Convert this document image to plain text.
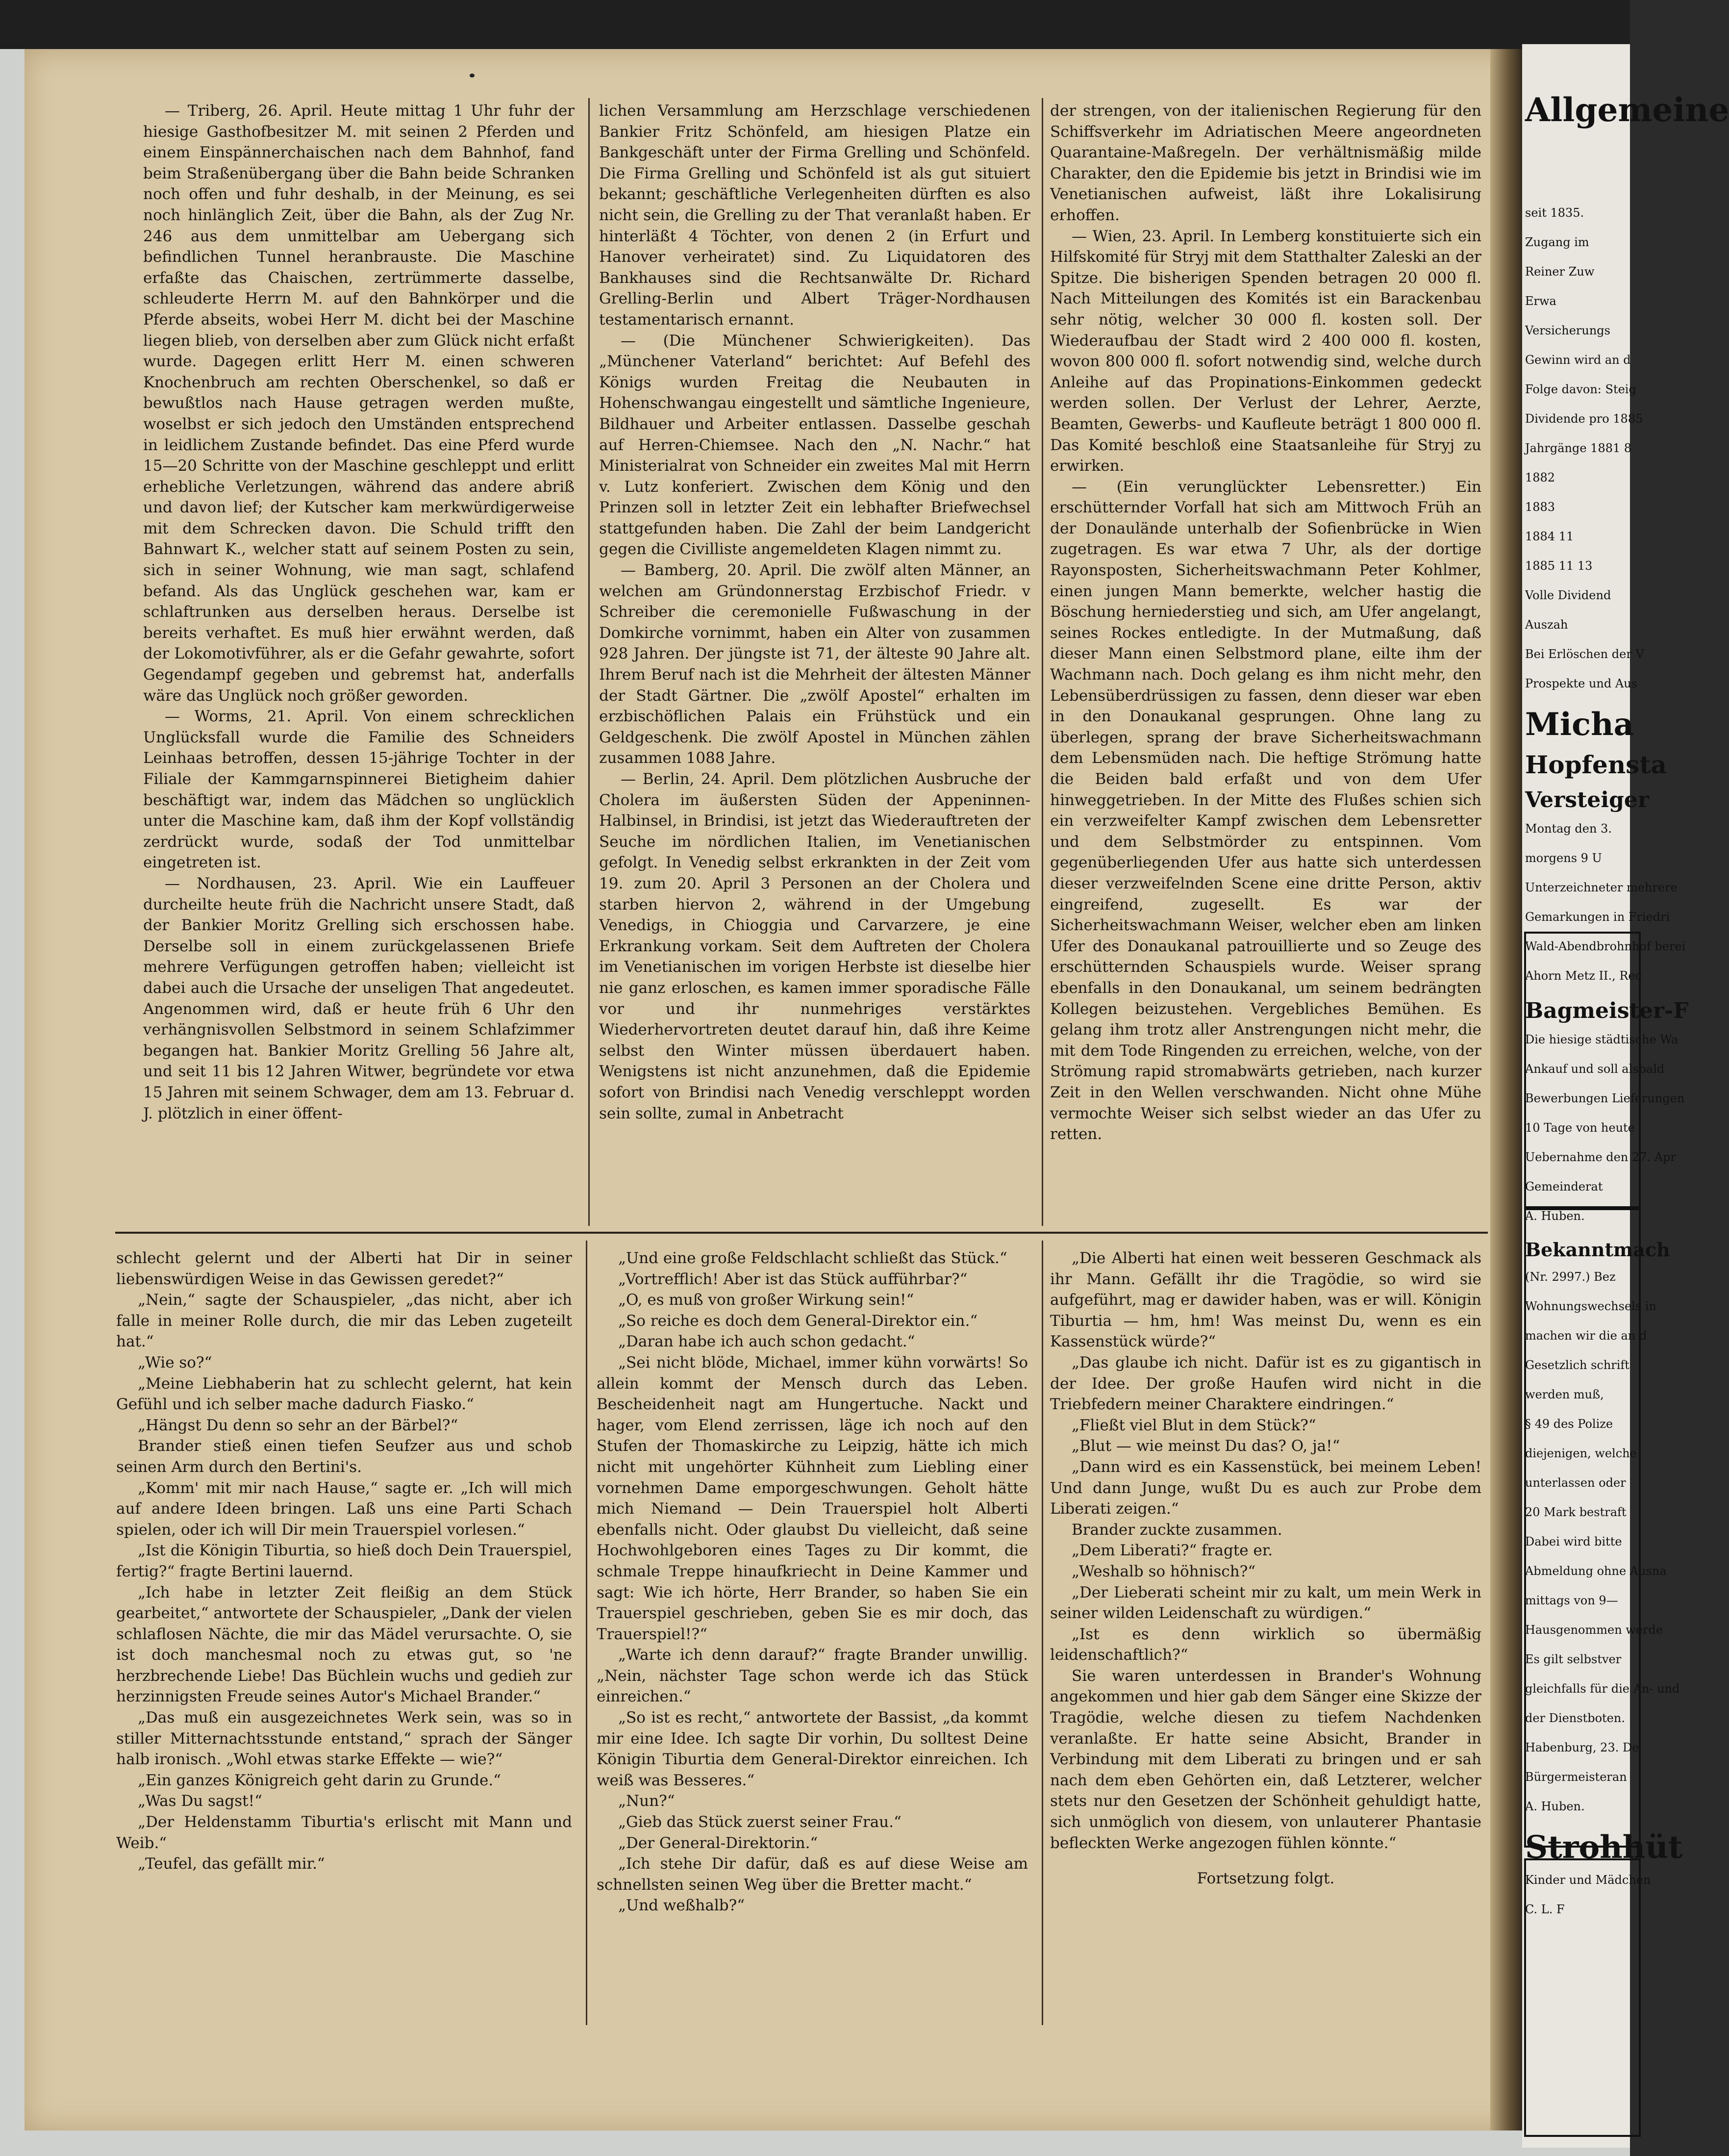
— Triberg, 26. April. Heute mittag 1 Uhr fuhr der hiesige Gasthofbesitzer M. mit seinen 2 Pferden und einem Einspännerchaischen nach dem Bahnhof, fand beim Straßenübergang über die Bahn beide Schranken noch offen und fuhr deshalb, in der Meinung, es sei noch hinlänglich Zeit, über die Bahn, als der Zug Nr. 246 aus dem unmittelbar am Uebergang sich befindlichen Tunnel heranbrauste. Die Maschine erfaßte das Chaischen, zertrümmerte dasselbe, schleuderte Herrn M. auf den Bahnkörper und die Pferde abseits, wobei Herr M. dicht bei der Maschine liegen blieb, von derselben aber zum Glück nicht erfaßt wurde. Dagegen erlitt Herr M. einen schweren Knochenbruch am rechten Oberschenkel, so daß er bewußtlos nach Hause getragen werden mußte, woselbst er sich jedoch den Umständen entsprechend in leidlichem Zustande befindet. Das eine Pferd wurde 15—20 Schritte von der Maschine geschleppt und erlitt erhebliche Verletzungen, während das andere abriß und davon lief; der Kutscher kam merkwürdigerweise mit dem Schrecken davon. Die Schuld trifft den Bahnwart K., welcher statt auf seinem Posten zu sein, sich in seiner Wohnung, wie man sagt, schlafend befand. Als das Unglück geschehen war, kam er schlaftrunken aus derselben heraus. Derselbe ist bereits verhaftet. Es muß hier erwähnt werden, daß der Lokomotivführer, als er die Gefahr gewahrte, sofort Gegendampf gegeben und gebremst hat, anderfalls wäre das Unglück noch größer geworden.

— Worms, 21. April. Von einem schrecklichen Unglücksfall wurde die Familie des Schneiders Leinhaas betroffen, dessen 15-jährige Tochter in der Filiale der Kammgarnspinnerei Bietigheim dahier beschäftigt war, indem das Mädchen so unglücklich unter die Maschine kam, daß ihm der Kopf vollständig zerdrückt wurde, sodaß der Tod unmittelbar eingetreten ist.

— Nordhausen, 23. April. Wie ein Lauffeuer durcheilte heute früh die Nachricht unsere Stadt, daß der Bankier Moritz Grelling sich erschossen habe. Derselbe soll in einem zurückgelassenen Briefe mehrere Verfügungen getroffen haben; vielleicht ist dabei auch die Ursache der unseligen That angedeutet. Angenommen wird, daß er heute früh 6 Uhr den verhängnisvollen Selbstmord in seinem Schlafzimmer begangen hat. Bankier Moritz Grelling 56 Jahre alt, und seit 11 bis 12 Jahren Witwer, begründete vor etwa 15 Jahren mit seinem Schwager, dem am 13. Februar d. J. plötzlich in einer öffent-

lichen Versammlung am Herzschlage verschiedenen Bankier Fritz Schönfeld, am hiesigen Platze ein Bankgeschäft unter der Firma Grelling und Schönfeld. Die Firma Grelling und Schönfeld ist als gut situiert bekannt; geschäftliche Verlegenheiten dürften es also nicht sein, die Grelling zu der That veranlaßt haben. Er hinterläßt 4 Töchter, von denen 2 (in Erfurt und Hanover verheiratet) sind. Zu Liquidatoren des Bankhauses sind die Rechtsanwälte Dr. Richard Grelling-Berlin und Albert Träger-Nordhausen testamentarisch ernannt.

— (Die Münchener Schwierigkeiten). Das „Münchener Vaterland“ berichtet: Auf Befehl des Königs wurden Freitag die Neubauten in Hohenschwangau eingestellt und sämtliche Ingenieure, Bildhauer und Arbeiter entlassen. Dasselbe geschah auf Herren-Chiemsee. Nach den „N. Nachr.“ hat Ministerialrat von Schneider ein zweites Mal mit Herrn v. Lutz konferiert. Zwischen dem König und den Prinzen soll in letzter Zeit ein lebhafter Briefwechsel stattgefunden haben. Die Zahl der beim Landgericht gegen die Civilliste angemeldeten Klagen nimmt zu.

— Bamberg, 20. April. Die zwölf alten Männer, an welchen am Gründonnerstag Erzbischof Friedr. v Schreiber die ceremonielle Fußwaschung in der Domkirche vornimmt, haben ein Alter von zusammen 928 Jahren. Der jüngste ist 71, der älteste 90 Jahre alt. Ihrem Beruf nach ist die Mehrheit der ältesten Männer der Stadt Gärtner. Die „zwölf Apostel“ erhalten im erzbischöflichen Palais ein Frühstück und ein Geldgeschenk. Die zwölf Apostel in München zählen zusammen 1088 Jahre.

— Berlin, 24. April. Dem plötzlichen Ausbruche der Cholera im äußersten Süden der Appeninnen-Halbinsel, in Brindisi, ist jetzt das Wiederauftreten der Seuche im nördlichen Italien, im Venetianischen gefolgt. In Venedig selbst erkrankten in der Zeit vom 19. zum 20. April 3 Personen an der Cholera und starben hiervon 2, während in der Umgebung Venedigs, in Chioggia und Carvarzere, je eine Erkrankung vorkam. Seit dem Auftreten der Cholera im Venetianischen im vorigen Herbste ist dieselbe hier nie ganz erloschen, es kamen immer sporadische Fälle vor und ihr nunmehriges verstärktes Wiederhervortreten deutet darauf hin, daß ihre Keime selbst den Winter müssen überdauert haben. Wenigstens ist nicht anzunehmen, daß die Epidemie sofort von Brindisi nach Venedig verschleppt worden sein sollte, zumal in Anbetracht

der strengen, von der italienischen Regierung für den Schiffsverkehr im Adriatischen Meere angeordneten Quarantaine-Maßregeln. Der verhältnismäßig milde Charakter, den die Epidemie bis jetzt in Brindisi wie im Venetianischen aufweist, läßt ihre Lokalisirung erhoffen.

— Wien, 23. April. In Lemberg konstituierte sich ein Hilfskomité für Stryj mit dem Statthalter Zaleski an der Spitze. Die bisherigen Spenden betragen 20 000 fl. Nach Mitteilungen des Komités ist ein Barackenbau sehr nötig, welcher 30 000 fl. kosten soll. Der Wiederaufbau der Stadt wird 2 400 000 fl. kosten, wovon 800 000 fl. sofort notwendig sind, welche durch Anleihe auf das Propinations-Einkommen gedeckt werden sollen. Der Verlust der Lehrer, Aerzte, Beamten, Gewerbs- und Kaufleute beträgt 1 800 000 fl. Das Komité beschloß eine Staatsanleihe für Stryj zu erwirken.

— (Ein verunglückter Lebensretter.) Ein erschütternder Vorfall hat sich am Mittwoch Früh an der Donaulände unterhalb der Sofienbrücke in Wien zugetragen. Es war etwa 7 Uhr, als der dortige Rayonsposten, Sicherheitswachmann Peter Kohlmer, einen jungen Mann bemerkte, welcher hastig die Böschung herniederstieg und sich, am Ufer angelangt, seines Rockes entledigte. In der Mutmaßung, daß dieser Mann einen Selbstmord plane, eilte ihm der Wachmann nach. Doch gelang es ihm nicht mehr, den Lebensüberdrüssigen zu fassen, denn dieser war eben in den Donaukanal gesprungen. Ohne lang zu überlegen, sprang der brave Sicherheitswachmann dem Lebensmüden nach. Die heftige Strömung hatte die Beiden bald erfaßt und von dem Ufer hinweggetrieben. In der Mitte des Flußes schien sich ein verzweifelter Kampf zwischen dem Lebensretter und dem Selbstmörder zu entspinnen. Vom gegenüberliegenden Ufer aus hatte sich unterdessen dieser verzweifelnden Scene eine dritte Person, aktiv eingreifend, zugesellt. Es war der Sicherheitswachmann Weiser, welcher eben am linken Ufer des Donaukanal patrouillierte und so Zeuge des erschütternden Schauspiels wurde. Weiser sprang ebenfalls in den Donaukanal, um seinem bedrängten Kollegen beizustehen. Vergebliches Bemühen. Es gelang ihm trotz aller Anstrengungen nicht mehr, die mit dem Tode Ringenden zu erreichen, welche, von der Strömung rapid stromabwärts getrieben, nach kurzer Zeit in den Wellen verschwanden. Nicht ohne Mühe vermochte Weiser sich selbst wieder an das Ufer zu retten.

schlecht gelernt und der Alberti hat Dir in seiner liebenswürdigen Weise in das Gewissen geredet?“

„Nein,“ sagte der Schauspieler, „das nicht, aber ich falle in meiner Rolle durch, die mir das Leben zugeteilt hat.“

„Wie so?“

„Meine Liebhaberin hat zu schlecht gelernt, hat kein Gefühl und ich selber mache dadurch Fiasko.“

„Hängst Du denn so sehr an der Bärbel?“

Brander stieß einen tiefen Seufzer aus und schob seinen Arm durch den Bertini's.

„Komm' mit mir nach Hause,“ sagte er. „Ich will mich auf andere Ideen bringen. Laß uns eine Parti Schach spielen, oder ich will Dir mein Trauerspiel vorlesen.“

„Ist die Königin Tiburtia, so hieß doch Dein Trauerspiel, fertig?“ fragte Bertini lauernd.

„Ich habe in letzter Zeit fleißig an dem Stück gearbeitet,“ antwortete der Schauspieler, „Dank der vielen schlaflosen Nächte, die mir das Mädel verursachte. O, sie ist doch manchesmal noch zu etwas gut, so 'ne herzbrechende Liebe! Das Büchlein wuchs und gedieh zur herzinnigsten Freude seines Autor's Michael Brander.“

„Das muß ein ausgezeichnetes Werk sein, was so in stiller Mitternachtsstunde entstand,“ sprach der Sänger halb ironisch. „Wohl etwas starke Effekte — wie?“

„Ein ganzes Königreich geht darin zu Grunde.“

„Was Du sagst!“

„Der Heldenstamm Tiburtia's erlischt mit Mann und Weib.“

„Teufel, das gefällt mir.“

„Und eine große Feldschlacht schließt das Stück.“

„Vortrefflich! Aber ist das Stück aufführbar?“

„O, es muß von großer Wirkung sein!“

„So reiche es doch dem General-Direktor ein.“

„Daran habe ich auch schon gedacht.“

„Sei nicht blöde, Michael, immer kühn vorwärts! So allein kommt der Mensch durch das Leben. Bescheidenheit nagt am Hungertuche. Nackt und hager, vom Elend zerrissen, läge ich noch auf den Stufen der Thomaskirche zu Leipzig, hätte ich mich nicht mit ungehörter Kühnheit zum Liebling einer vornehmen Dame emporgeschwungen. Geholt hätte mich Niemand — Dein Trauerspiel holt Alberti ebenfalls nicht. Oder glaubst Du vielleicht, daß seine Hochwohlgeboren eines Tages zu Dir kommt, die schmale Treppe hinaufkriecht in Deine Kammer und sagt: Wie ich hörte, Herr Brander, so haben Sie ein Trauerspiel geschrieben, geben Sie es mir doch, das Trauerspiel!?“

„Warte ich denn darauf?“ fragte Brander unwillig. „Nein, nächster Tage schon werde ich das Stück einreichen.“

„So ist es recht,“ antwortete der Bassist, „da kommt mir eine Idee. Ich sagte Dir vorhin, Du solltest Deine Königin Tiburtia dem General-Direktor einreichen. Ich weiß was Besseres.“

„Nun?“

„Gieb das Stück zuerst seiner Frau.“

„Der General-Direktorin.“

„Ich stehe Dir dafür, daß es auf diese Weise am schnellsten seinen Weg über die Bretter macht.“

„Und weßhalb?“

„Die Alberti hat einen weit besseren Geschmack als ihr Mann. Gefällt ihr die Tragödie, so wird sie aufgeführt, mag er dawider haben, was er will. Königin Tiburtia — hm, hm! Was meinst Du, wenn es ein Kassenstück würde?“

„Das glaube ich nicht. Dafür ist es zu gigantisch in der Idee. Der große Haufen wird nicht in die Triebfedern meiner Charaktere eindringen.“

„Fließt viel Blut in dem Stück?“

„Blut — wie meinst Du das? O, ja!“

„Dann wird es ein Kassenstück, bei meinem Leben! Und dann Junge, wußt Du es auch zur Probe dem Liberati zeigen.“

Brander zuckte zusammen.

„Dem Liberati?“ fragte er.

„Weshalb so höhnisch?“

„Der Lieberati scheint mir zu kalt, um mein Werk in seiner wilden Leidenschaft zu würdigen.“

„Ist es denn wirklich so übermäßig leidenschaftlich?“

Sie waren unterdessen in Brander's Wohnung angekommen und hier gab dem Sänger eine Skizze der Tragödie, welche diesen zu tiefem Nachdenken veranlaßte. Er hatte seine Absicht, Brander in Verbindung mit dem Liberati zu bringen und er sah nach dem eben Gehörten ein, daß Letzterer, welcher stets nur den Gesetzen der Schönheit gehuldigt hatte, sich unmöglich von diesem, von unlauterer Phantasie befleckten Werke angezogen fühlen könnte.“

Fortsetzung folgt.

Allgemeine
seit 1835.
Zugang im
Reiner Zuw
Erwa
Versicherungs
Gewinn wird an d
Folge davon: Steig
Dividende pro 1885
Jahrgänge 1881 8
1882
1883
1884 11
1885 11 13
Volle Dividend
Auszah
Bei Erlöschen der V
Prospekte und Aus
Micha
Hopfensta
Versteiger
Montag den 3.
morgens 9 U
Unterzeichneter mehrere
Gemarkungen in Friedri
Wald-Abendbrohnhof berei
Ahorn Metz II., Rec
Bagmeister-F
Die hiesige städtische Wa
Ankauf und soll alsbald
Bewerbungen Lieferungen
10 Tage von heute
Uebernahme den 27. Apr
Gemeinderat
A. Huben.
Bekanntmach
(Nr. 2997.) Bez
Wohnungswechsels in
machen wir die an d
Gesetzlich schrift
werden muß,
§ 49 des Polize
diejenigen, welche
unterlassen oder
20 Mark bestraft
Dabei wird bitte
Abmeldung ohne Ausna
mittags von 9—
Hausgenommen werde
Es gilt selbstver
gleichfalls für die An- und
der Dienstboten.
Habenburg, 23. De
Bürgermeisteran
A. Huben.
Strohhüt
Kinder und Mädchen
C. L. F
